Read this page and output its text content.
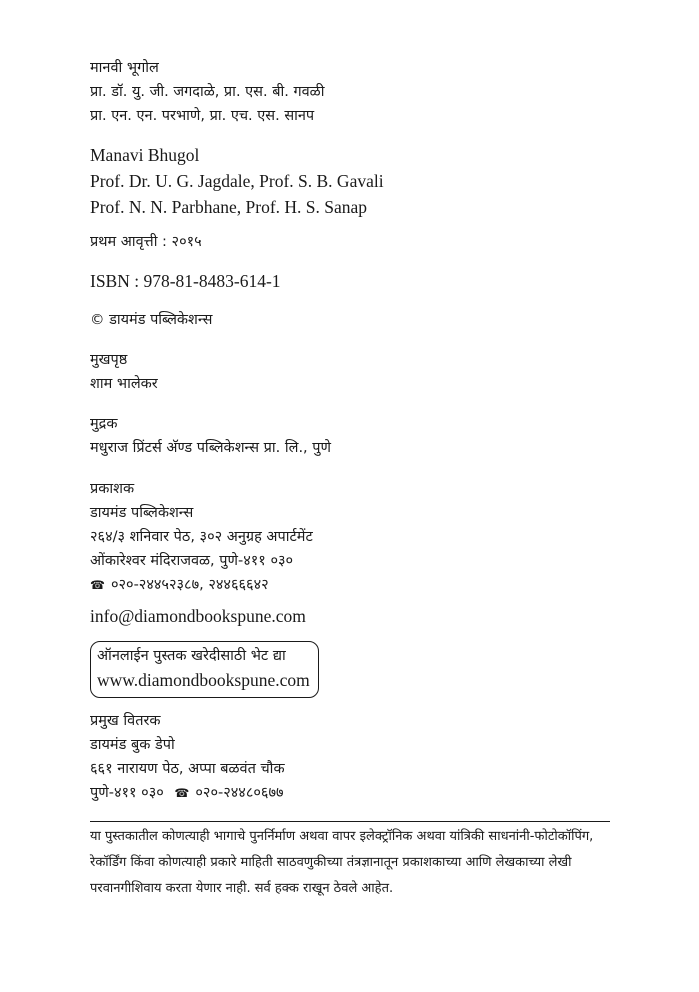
मानवी भूगोल
प्रा. डॉ. यु. जी. जगदाळे, प्रा. एस. बी. गवळी
प्रा. एन. एन. परभाणे, प्रा. एच. एस. सानप
Manavi Bhugol
Prof. Dr. U. G. Jagdale, Prof. S. B. Gavali
Prof. N. N. Parbhane, Prof. H. S. Sanap
प्रथम आवृत्ती : २०१५
ISBN : 978-81-8483-614-1
© डायमंड पब्लिकेशन्स
मुखपृष्ठ
शाम भालेकर
मुद्रक
मधुराज प्रिंटर्स अ‍ॅण्ड पब्लिकेशन्स प्रा. लि., पुणे
प्रकाशक
डायमंड पब्लिकेशन्स
२६४/३ शनिवार पेठ, ३०२ अनुग्रह अपार्टमेंट
ओंकारेश्वर मंदिराजवळ, पुणे-४११ ०३०
☎ ०२०-२४४५२३८७, २४४६६६४२
info@diamondbookspune.com
ऑनलाईन पुस्तक खरेदीसाठी भेट द्या
www.diamondbookspune.com
प्रमुख वितरक
डायमंड बुक डेपो
६६१ नारायण पेठ, अप्पा बळवंत चौक
पुणे-४११ ०३० ☎ ०२०-२४४८०६७७
या पुस्तकातील कोणत्याही भागाचे पुनर्निर्माण अथवा वापर इलेक्ट्रॉनिक अथवा यांत्रिकी साधनांनी-फोटोकॉपिंग, रेकॉर्डिंग किंवा कोणत्याही प्रकारे माहिती साठवणुकीच्या तंत्रज्ञानातून प्रकाशकाच्या आणि लेखकाच्या लेखी परवानगीशिवाय करता येणार नाही. सर्व हक्क राखून ठेवले आहेत.
